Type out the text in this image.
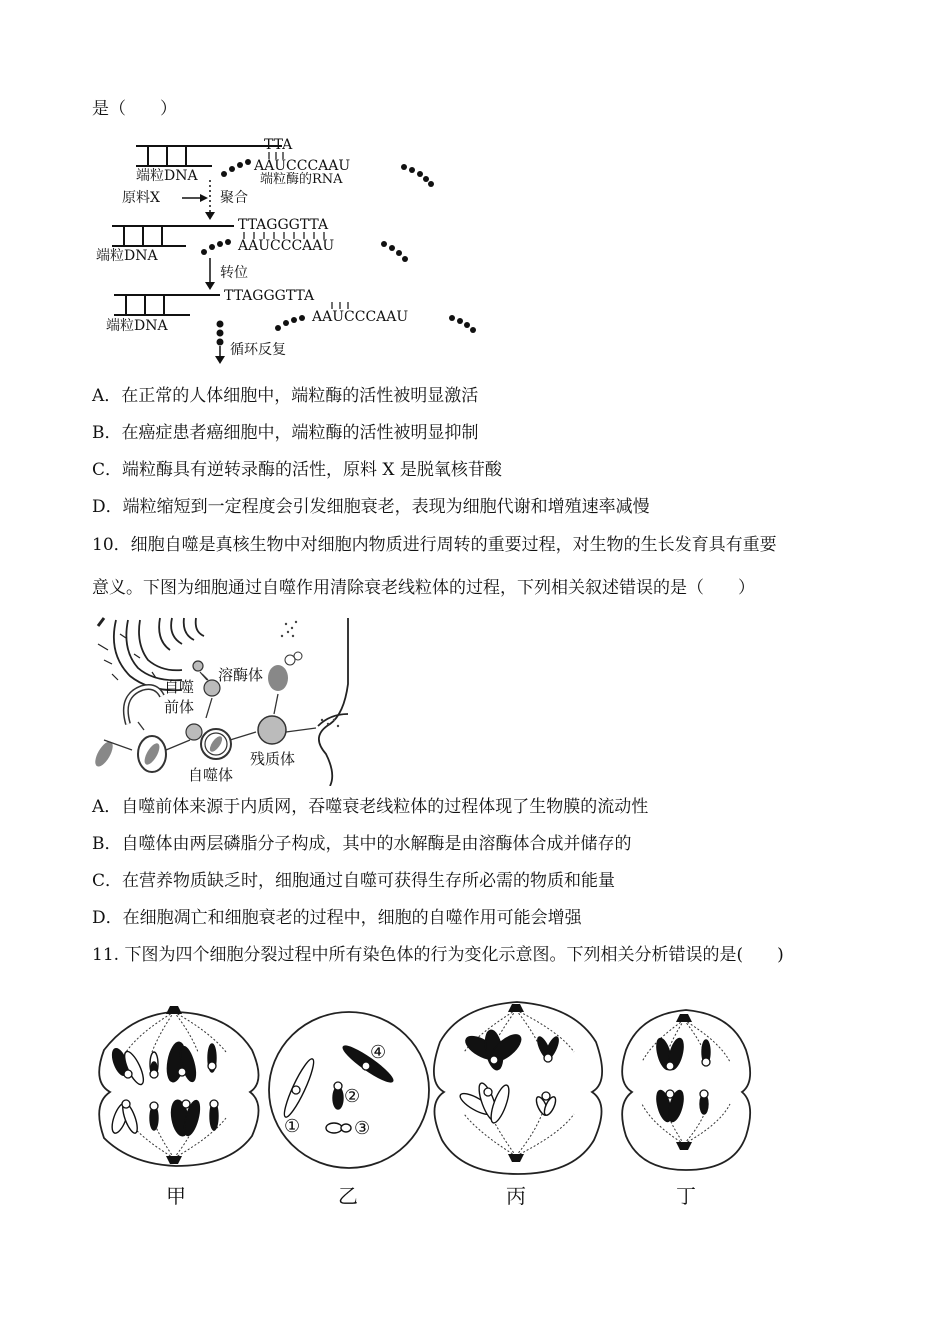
是（　　）
TTA
AAUCCCAAU
端粒酶的RNA
端粒DNA
原料X	聚合
TTAGGGTTA
AAUCCCAAU
端粒DNA
转位
TTAGGGTTA
AAUCCCAAU
端粒DNA
循环反复
A．在正常的人体细胞中，端粒酶的活性被明显激活
B．在癌症患者癌细胞中，端粒酶的活性被明显抑制
C．端粒酶具有逆转录酶的活性，原料 X 是脱氧核苷酸
D．端粒缩短到一定程度会引发细胞衰老，表现为细胞代谢和增殖速率减慢
10．细胞自噬是真核生物中对细胞内物质进行周转的重要过程，对生物的生长发育具有重要
意义。下图为细胞通过自噬作用清除衰老线粒体的过程，下列相关叙述错误的是（　　）
溶酶体
自噬
前体
自噬体
残质体
A．自噬前体来源于内质网，吞噬衰老线粒体的过程体现了生物膜的流动性
B．自噬体由两层磷脂分子构成，其中的水解酶是由溶酶体合成并储存的
C．在营养物质缺乏时，细胞通过自噬可获得生存所必需的物质和能量
D．在细胞凋亡和细胞衰老的过程中，细胞的自噬作用可能会增强
11. 下图为四个细胞分裂过程中所有染色体的行为变化示意图。下列相关分析错误的是(　　)
④
②
①	③
甲	乙	丙	丁
